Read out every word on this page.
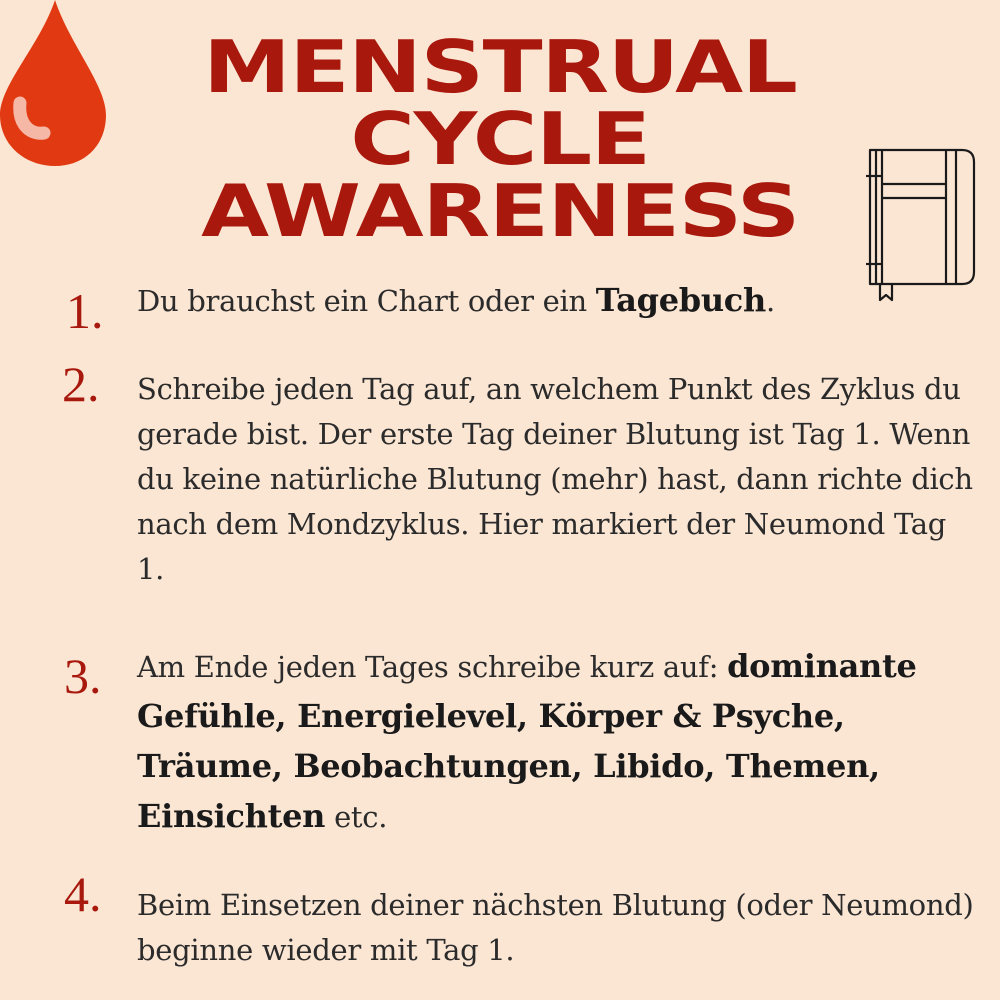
MENSTRUAL
CYCLE
AWARENESS
1. Du brauchst ein Chart oder ein Tagebuch.
2. Schreibe jeden Tag auf, an welchem Punkt des Zyklus du gerade bist. Der erste Tag deiner Blutung ist Tag 1. Wenn du keine natürliche Blutung (mehr) hast, dann richte dich nach dem Mondzyklus. Hier markiert der Neumond Tag 1.
3. Am Ende jeden Tages schreibe kurz auf: dominante Gefühle, Energielevel, Körper & Psyche, Träume, Beobachtungen, Libido, Themen, Einsichten etc.
4. Beim Einsetzen deiner nächsten Blutung (oder Neumond) beginne wieder mit Tag 1.
